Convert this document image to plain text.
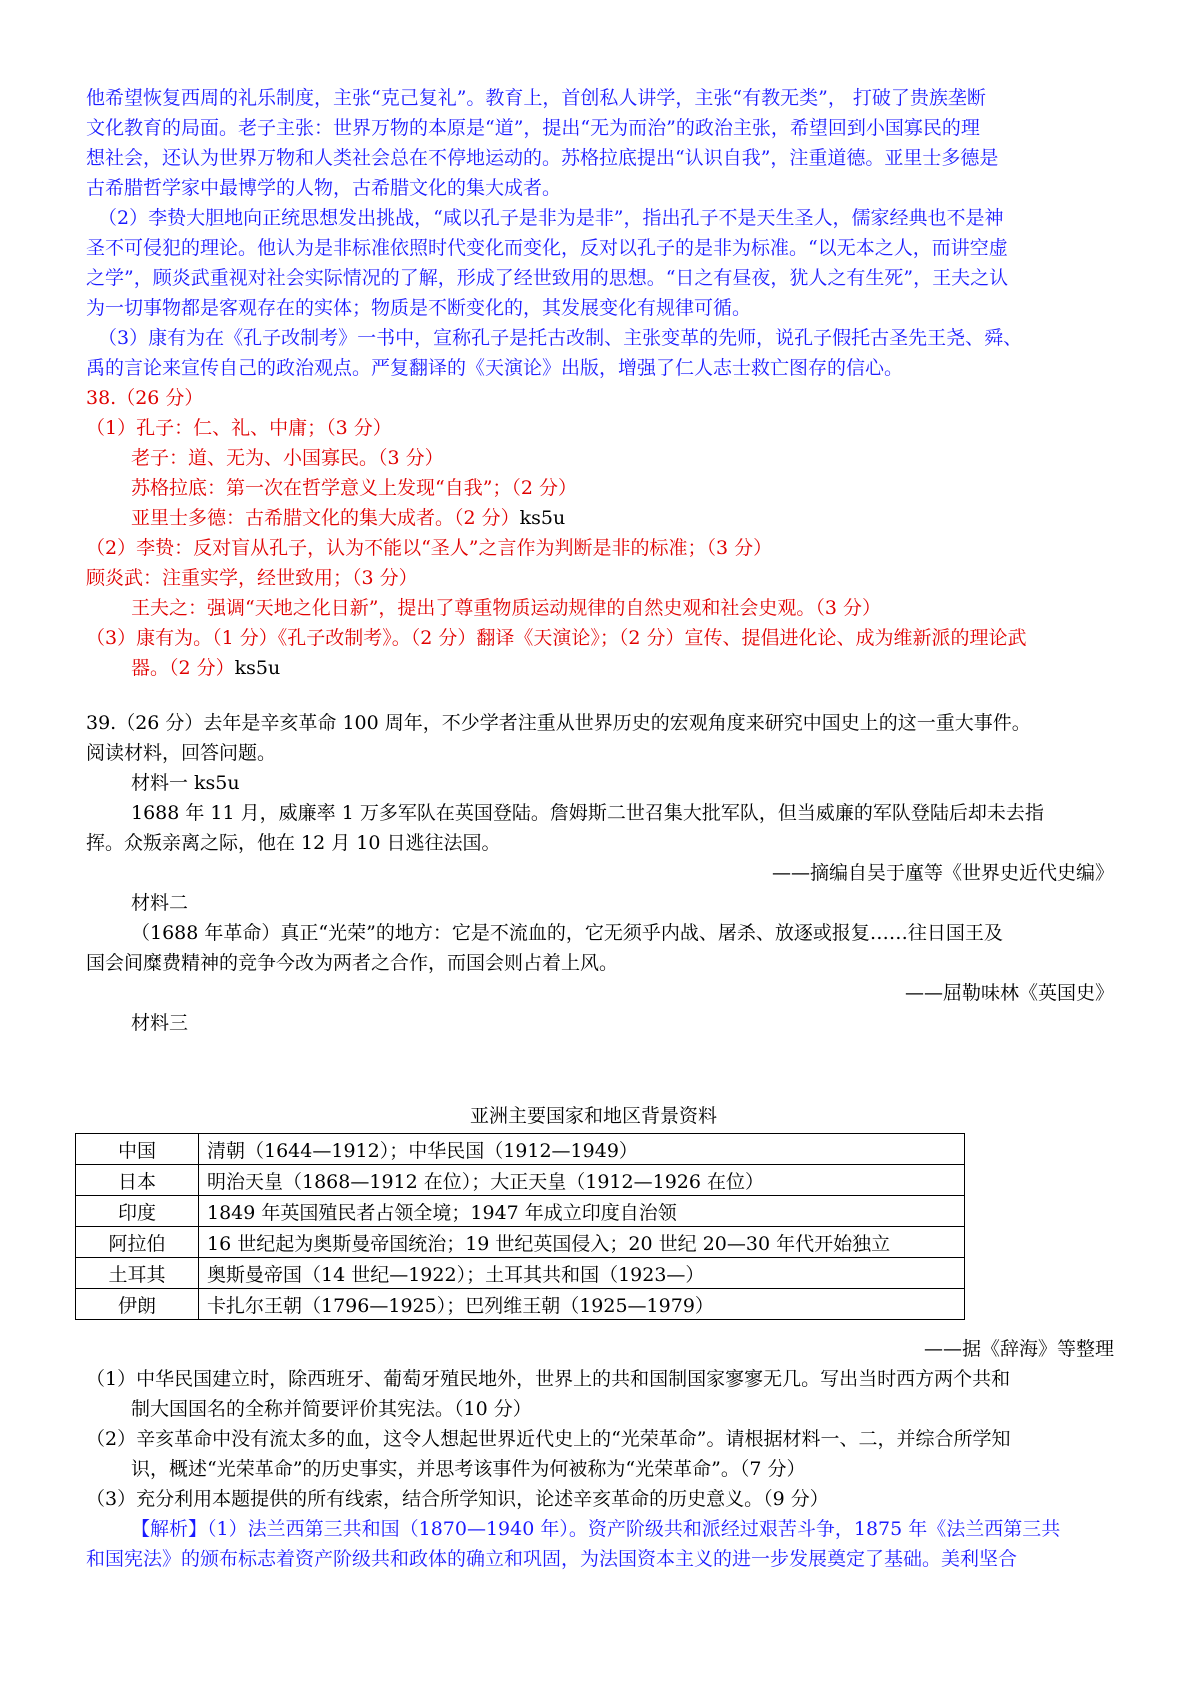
他希望恢复西周的礼乐制度，主张“克己复礼”。教育上，首创私人讲学，主张“有教无类”， 打破了贵族垄断
文化教育的局面。老子主张：世界万物的本原是“道”，提出“无为而治”的政治主张，希望回到小国寡民的理
想社会，还认为世界万物和人类社会总在不停地运动的。苏格拉底提出“认识自我”，注重道德。亚里士多德是
古希腊哲学家中最博学的人物，古希腊文化的集大成者。
（2）李贽大胆地向正统思想发出挑战，“咸以孔子是非为是非”，指出孔子不是天生圣人，儒家经典也不是神
圣不可侵犯的理论。他认为是非标准依照时代变化而变化，反对以孔子的是非为标准。“以无本之人，而讲空虚
之学”，顾炎武重视对社会实际情况的了解，形成了经世致用的思想。“日之有昼夜，犹人之有生死”，王夫之认
为一切事物都是客观存在的实体；物质是不断变化的，其发展变化有规律可循。
（3）康有为在《孔子改制考》一书中，宣称孔子是托古改制、主张变革的先师，说孔子假托古圣先王尧、舜、
禹的言论来宣传自己的政治观点。严复翻译的《天演论》出版，增强了仁人志士救亡图存的信心。
38.（26 分）
（1）孔子：仁、礼、中庸；（3 分）
老子：道、无为、小国寡民。（3 分）
苏格拉底：第一次在哲学意义上发现“自我”；（2 分）
亚里士多德：古希腊文化的集大成者。（2 分）ks5u
（2）李贽：反对盲从孔子，认为不能以“圣人”之言作为判断是非的标准；（3 分）
顾炎武：注重实学，经世致用；（3 分）
王夫之：强调“天地之化日新”，提出了尊重物质运动规律的自然史观和社会史观。（3 分）
（3）康有为。（1 分）《孔子改制考》。（2 分）翻译《天演论》；（2 分）宣传、提倡进化论、成为维新派的理论武
器。（2 分）ks5u
39.（26 分）去年是辛亥革命 100 周年，不少学者注重从世界历史的宏观角度来研究中国史上的这一重大事件。
阅读材料，回答问题。
材料一 ks5u
1688 年 11 月，威廉率 1 万多军队在英国登陆。詹姆斯二世召集大批军队，但当威廉的军队登陆后却未去指
挥。众叛亲离之际，他在 12 月 10 日逃往法国。
——摘编自吴于廑等《世界史近代史编》
材料二
（1688 年革命）真正“光荣”的地方：它是不流血的，它无须乎内战、屠杀、放逐或报复……往日国王及
国会间糜费精神的竞争今改为两者之合作，而国会则占着上风。
——屈勒味林《英国史》
材料三
亚洲主要国家和地区背景资料
中国	清朝（1644—1912）；中华民国（1912—1949）
日本	明治天皇（1868—1912 在位）；大正天皇（1912—1926 在位）
印度	1849 年英国殖民者占领全境；1947 年成立印度自治领
阿拉伯	16 世纪起为奥斯曼帝国统治；19 世纪英国侵入；20 世纪 20—30 年代开始独立
土耳其	奥斯曼帝国（14 世纪—1922）；土耳其共和国（1923—）
伊朗	卡扎尔王朝（1796—1925）；巴列维王朝（1925—1979）
——据《辞海》等整理
（1）中华民国建立时，除西班牙、葡萄牙殖民地外，世界上的共和国制国家寥寥无几。写出当时西方两个共和
制大国国名的全称并简要评价其宪法。（10 分）
（2）辛亥革命中没有流太多的血，这令人想起世界近代史上的“光荣革命”。请根据材料一、二，并综合所学知
识，概述“光荣革命”的历史事实，并思考该事件为何被称为“光荣革命”。（7 分）
（3）充分利用本题提供的所有线索，结合所学知识，论述辛亥革命的历史意义。（9 分）
【解析】（1）法兰西第三共和国（1870—1940 年）。资产阶级共和派经过艰苦斗争，1875 年《法兰西第三共
和国宪法》的颁布标志着资产阶级共和政体的确立和巩固，为法国资本主义的进一步发展奠定了基础。美利坚合
